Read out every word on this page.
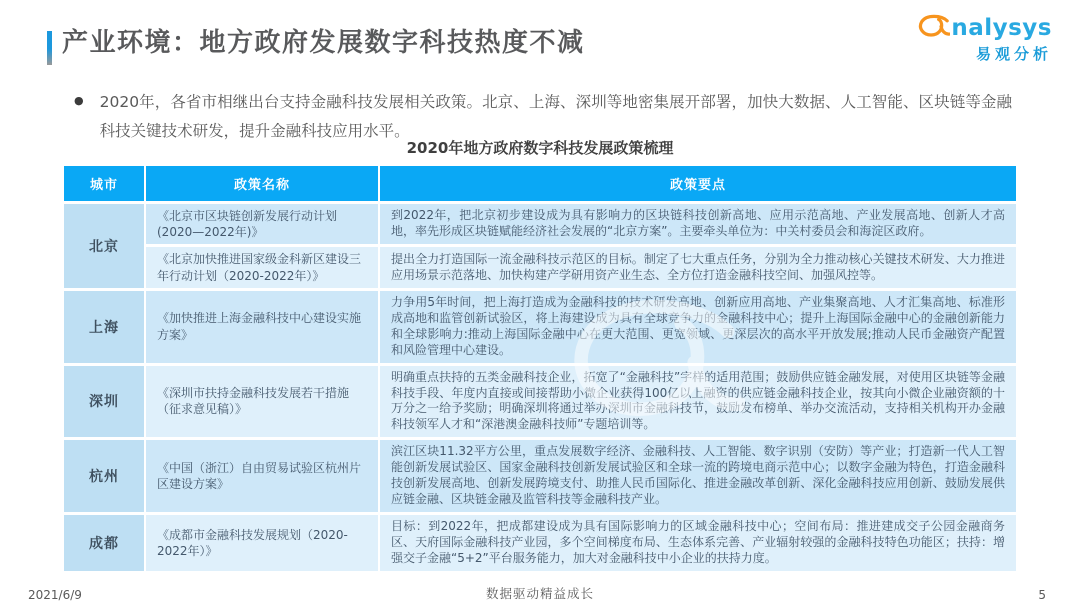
产业环境：地方政府发展数字科技热度不减	nalysys
易观分析
● 2020年，各省市相继出台支持金融科技发展相关政策。北京、上海、深圳等地密集展开部署，加快大数据、人工智能、区块链等金融科技关键技术研发，提升金融科技应用水平。

2020年地方政府数字科技发展政策梳理
城市	政策名称	政策要点
北京	《北京市区块链创新发展行动计划(2020—2022年)》	到2022年，把北京初步建设成为具有影响力的区块链科技创新高地、应用示范高地、产业发展高地、创新人才高地，率先形成区块链赋能经济社会发展的“北京方案”。主要牵头单位为：中关村委员会和海淀区政府。
	《北京加快推进国家级金科新区建设三年行动计划（2020-2022年）》	提出全力打造国际一流金融科技示范区的目标。制定了七大重点任务，分别为全力推动核心关键技术研发、大力推进应用场景示范落地、加快构建产学研用资产业生态、全方位打造金融科技空间、加强风控等。
上海	《加快推进上海金融科技中心建设实施方案》	力争用5年时间，把上海打造成为金融科技的技术研发高地、创新应用高地、产业集聚高地、人才汇集高地、标准形成高地和监管创新试验区，将上海建设成为具有全球竞争力的金融科技中心；提升上海国际金融中心的金融创新能力和全球影响力:推动上海国际金融中心在更大范围、更宽领域、更深层次的高水平开放发展;推动人民币金融资产配置和风险管理中心建设。
深圳	《深圳市扶持金融科技发展若干措施（征求意见稿）》	明确重点扶持的五类金融科技企业，拓宽了“金融科技”字样的适用范围；鼓励供应链金融发展，对使用区块链等金融科技手段、年度内直接或间接帮助小微企业获得100亿以上融资的供应链金融科技企业，按其向小微企业融资额的十万分之一给予奖励；明确深圳将通过举办深圳市金融科技节，鼓励发布榜单、举办交流活动，支持相关机构开办金融科技领军人才和“深港澳金融科技师”专题培训等。
杭州	《中国（浙江）自由贸易试验区杭州片区建设方案》	滨江区块11.32平方公里，重点发展数字经济、金融科技、人工智能、数字识别（安防）等产业；打造新一代人工智能创新发展试验区、国家金融科技创新发展试验区和全球一流的跨境电商示范中心；以数字金融为特色，打造金融科技创新发展高地、创新发展跨境支付、助推人民币国际化、推进金融改革创新、深化金融科技应用创新、鼓励发展供应链金融、区块链金融及监管科技等金融科技产业。
成都	《成都市金融科技发展规划（2020-2022年）》	目标：到2022年，把成都建设成为具有国际影响力的区域金融科技中心；空间布局：推进建成交子公园金融商务区、天府国际金融科技产业园，多个空间梯度布局、生态体系完善、产业辐射较强的金融科技特色功能区；扶持：增强交子金融“5+2”平台服务能力，加大对金融科技中小企业的扶持力度。
2021/6/9	数据驱动精益成长	5
